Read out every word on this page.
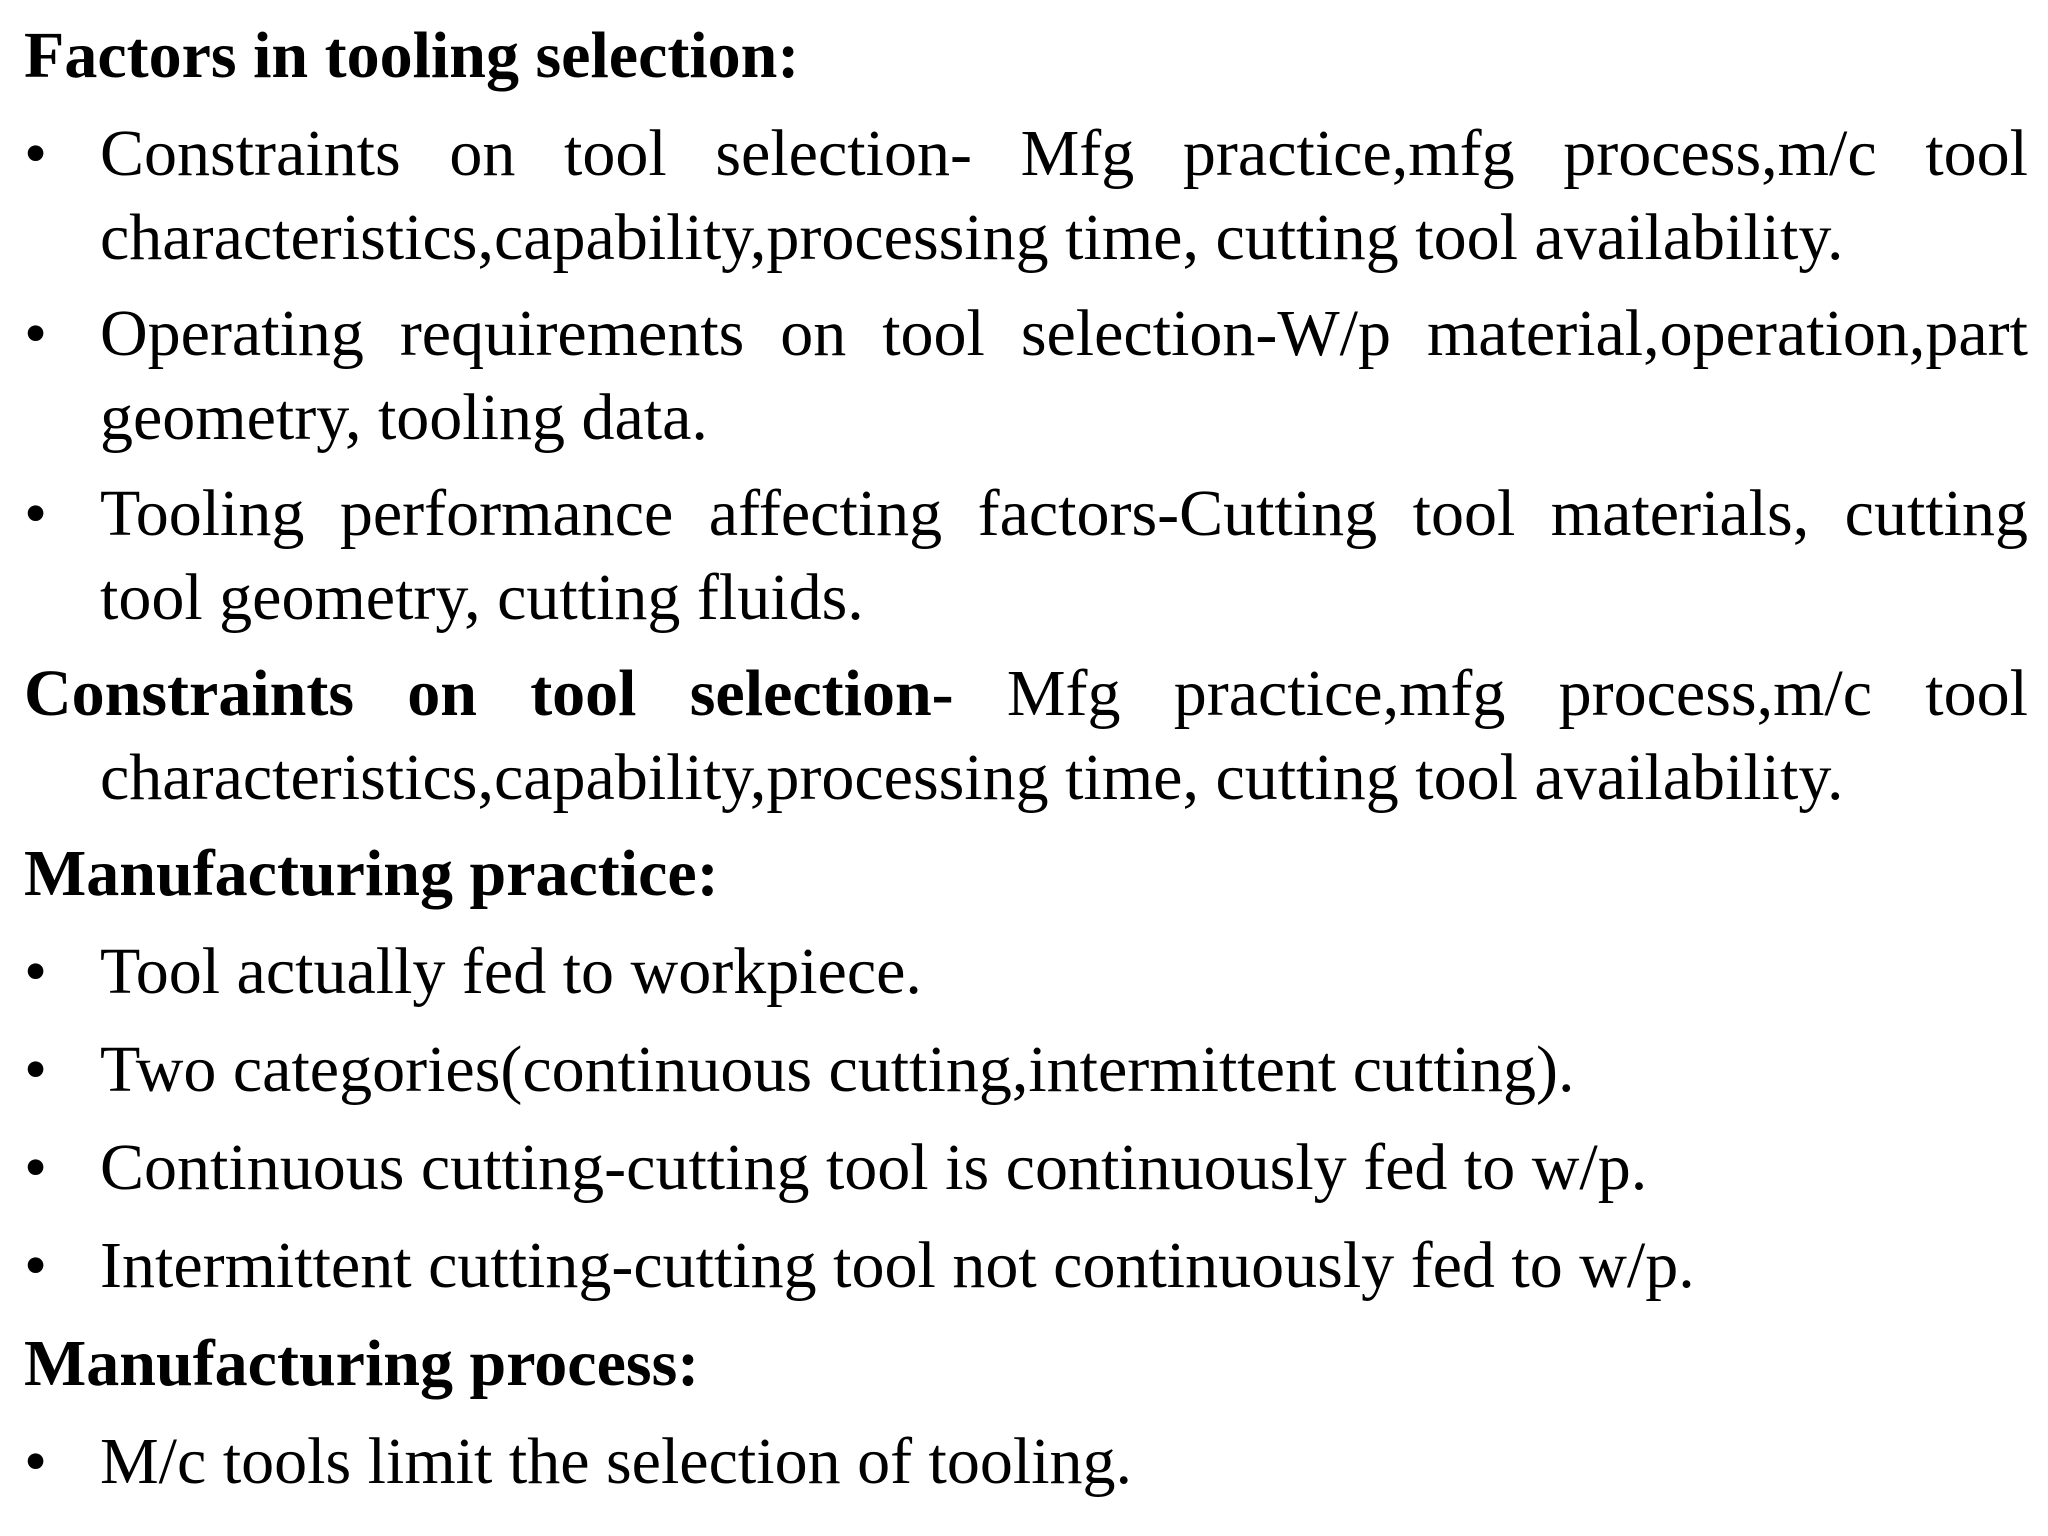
Factors in tooling selection:
• Constraints on tool selection- Mfg practice,mfg process,m/c tool characteristics,capability,processing time, cutting tool availability.
• Operating requirements on tool selection-W/p material,operation,part geometry, tooling data.
• Tooling performance affecting factors-Cutting tool materials, cutting tool geometry, cutting fluids.
Constraints on tool selection- Mfg practice,mfg process,m/c tool
characteristics,capability,processing time, cutting tool availability.
Manufacturing practice:
• Tool actually fed to workpiece.
• Two categories(continuous cutting,intermittent cutting).
• Continuous cutting-cutting tool is continuously fed to w/p.
• Intermittent cutting-cutting tool not continuously fed to w/p.
Manufacturing process:
• M/c tools limit the selection of tooling.
